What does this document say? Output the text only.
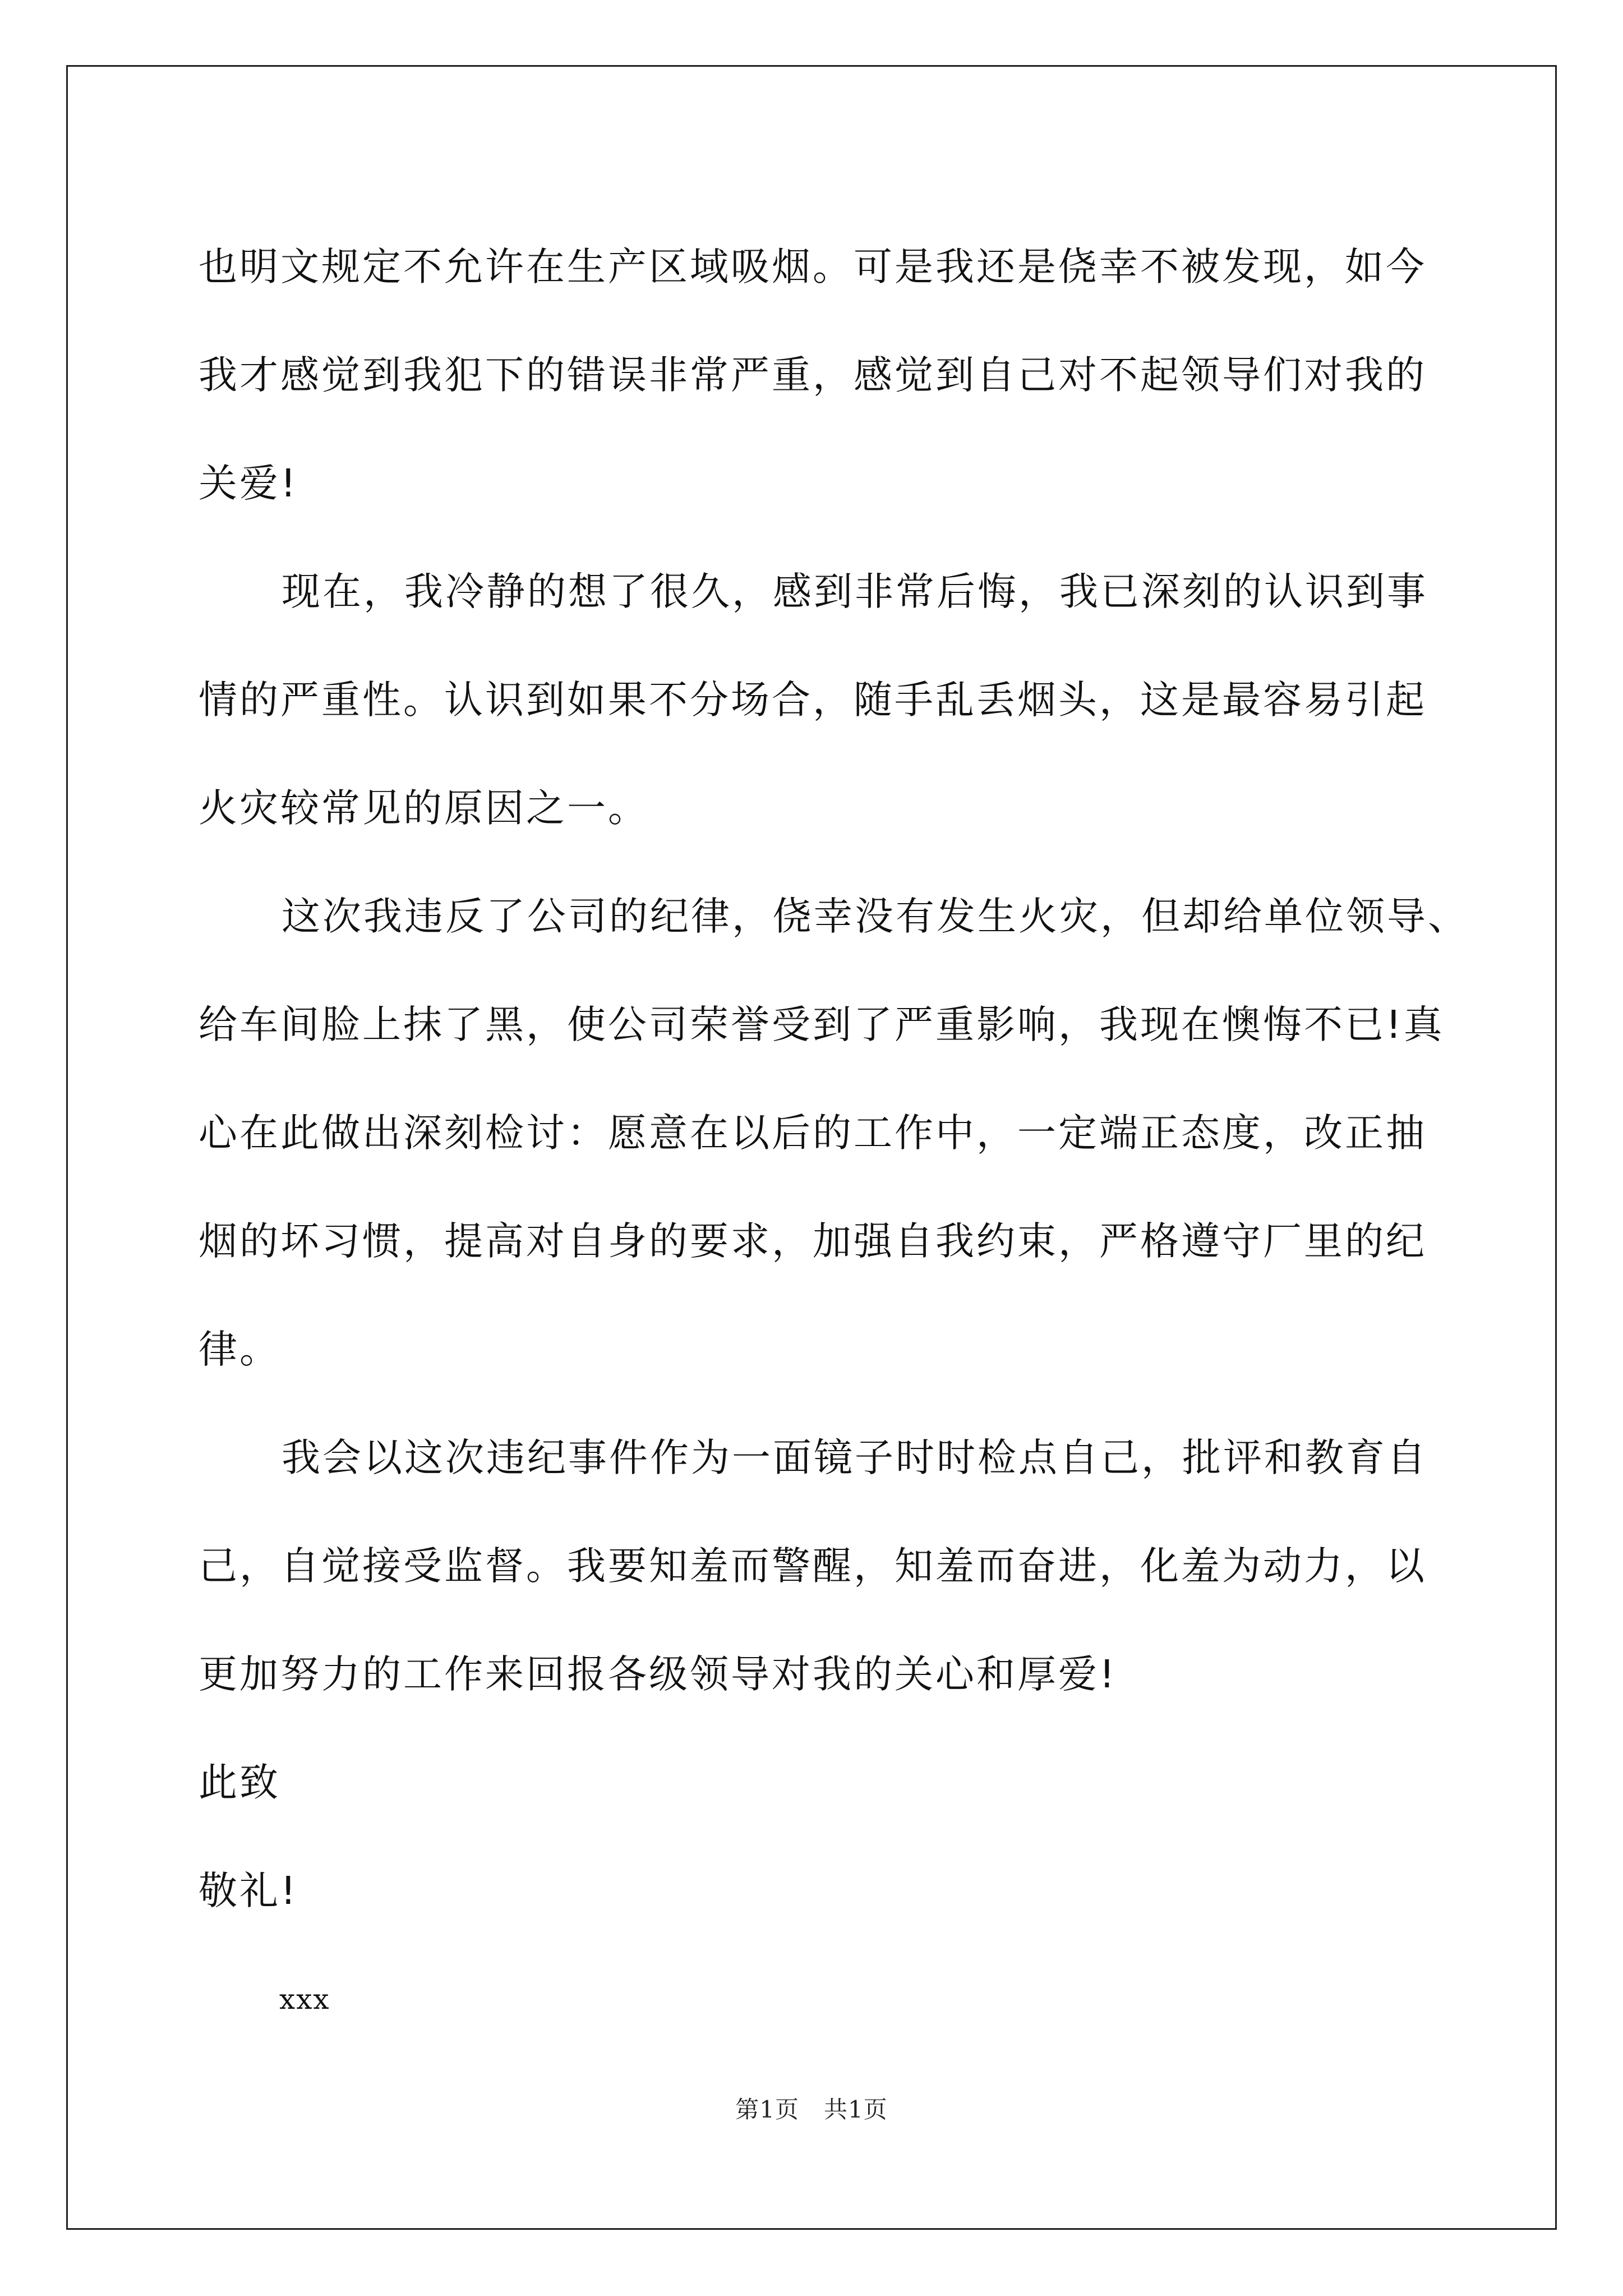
也明文规定不允许在生产区域吸烟。可是我还是侥幸不被发现，如今
我才感觉到我犯下的错误非常严重，感觉到自己对不起领导们对我的
关爱!
现在，我冷静的想了很久，感到非常后悔，我已深刻的认识到事
情的严重性。认识到如果不分场合，随手乱丢烟头，这是最容易引起
火灾较常见的原因之一。
这次我违反了公司的纪律，侥幸没有发生火灾，但却给单位领导、
给车间脸上抹了黑，使公司荣誉受到了严重影响，我现在懊悔不已!真
心在此做出深刻检讨：愿意在以后的工作中，一定端正态度，改正抽
烟的坏习惯，提高对自身的要求，加强自我约束，严格遵守厂里的纪
律。
我会以这次违纪事件作为一面镜子时时检点自己，批评和教育自
己，自觉接受监督。我要知羞而警醒，知羞而奋进，化羞为动力，以
更加努力的工作来回报各级领导对我的关心和厚爱!
此致
敬礼!
xxx
第1页 共1页
